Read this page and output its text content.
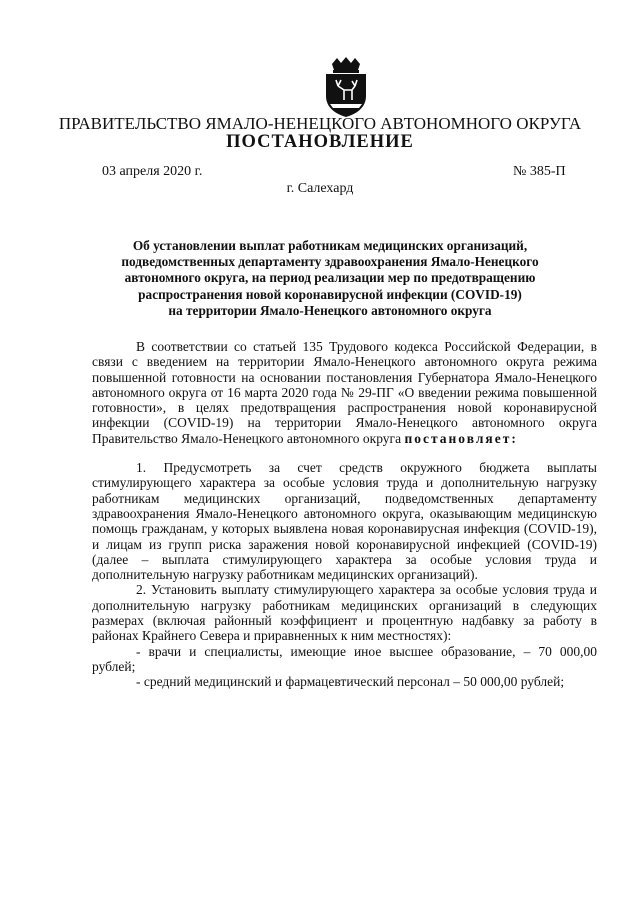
ПРАВИТЕЛЬСТВО ЯМАЛО-НЕНЕЦКОГО АВТОНОМНОГО ОКРУГА
ПОСТАНОВЛЕНИЕ
03 апреля 2020 г.	№ 385-П
г. Салехард
Об установлении выплат работникам медицинских организаций,
подведомственных департаменту здравоохранения Ямало-Ненецкого
автономного округа, на период реализации мер по предотвращению
распространения новой коронавирусной инфекции (COVID-19)
на территории Ямало-Ненецкого автономного округа

В соответствии со статьей 135 Трудового кодекса Российской Федерации, в связи с введением на территории Ямало-Ненецкого автономного округа режима повышенной готовности на основании постановления Губернатора Ямало-Ненецкого автономного округа от 16 марта 2020 года № 29-ПГ «О введении режима повышенной готовности», в целях предотвращения распространения новой коронавирусной инфекции (COVID-19) на территории Ямало-Ненецкого автономного округа Правительство Ямало-Ненецкого автономного округа постановляет:

1. Предусмотреть за счет средств окружного бюджета выплаты стимулирующего характера за особые условия труда и дополнительную нагрузку работникам медицинских организаций, подведомственных департаменту здравоохранения Ямало-Ненецкого автономного округа, оказывающим медицинскую помощь гражданам, у которых выявлена новая коронавирусная инфекция (COVID-19), и лицам из групп риска заражения новой коронавирусной инфекцией (COVID-19) (далее – выплата стимулирующего характера за особые условия труда и дополнительную нагрузку работникам медицинских организаций).

2. Установить выплату стимулирующего характера за особые условия труда и дополнительную нагрузку работникам медицинских организаций в следующих размерах (включая районный коэффициент и процентную надбавку за работу в районах Крайнего Севера и приравненных к ним местностях):

- врачи и специалисты, имеющие иное высшее образование, – 70 000,00 рублей;

- средний медицинский и фармацевтический персонал – 50 000,00 рублей;
